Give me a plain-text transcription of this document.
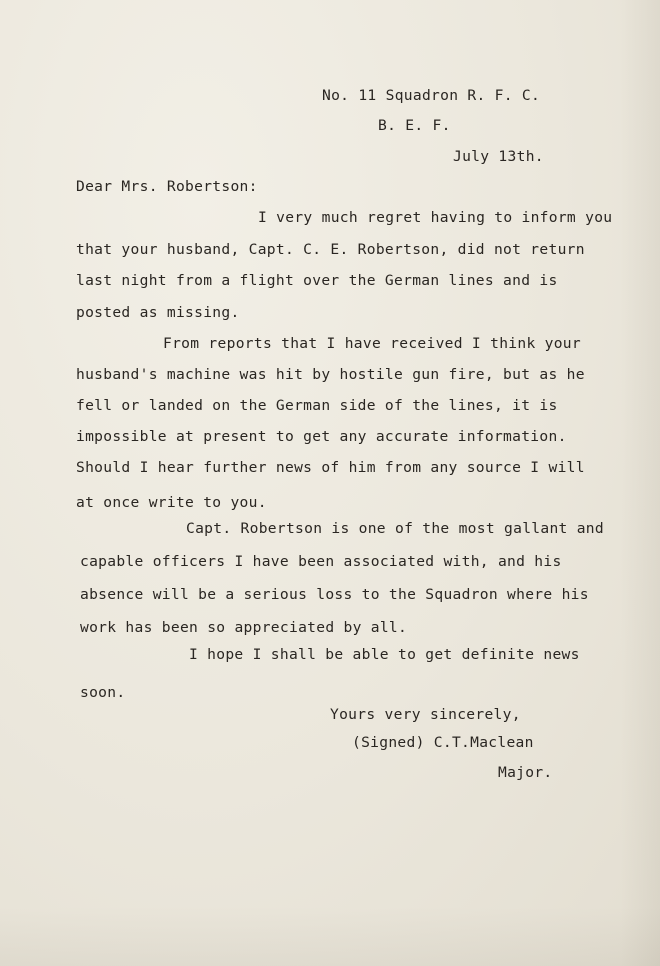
No. 11 Squadron R. F. C.
B. E. F.
July 13th.
Dear Mrs. Robertson:
I very much regret having to inform you
that your husband, Capt. C. E. Robertson, did not return
last night from a flight over the German lines and is
posted as missing.
From reports that I have received I think your
husband's machine was hit by hostile gun fire, but as he
fell or landed on the German side of the lines, it is
impossible at present to get any accurate information.
Should I hear further news of him from any source I will
at once write to you.
Capt. Robertson is one of the most gallant and
capable officers I have been associated with, and his
absence will be a serious loss to the Squadron where his
work has been so appreciated by all.
I hope I shall be able to get definite news
soon.
Yours very sincerely,
(Signed) C.T.Maclean
Major.
